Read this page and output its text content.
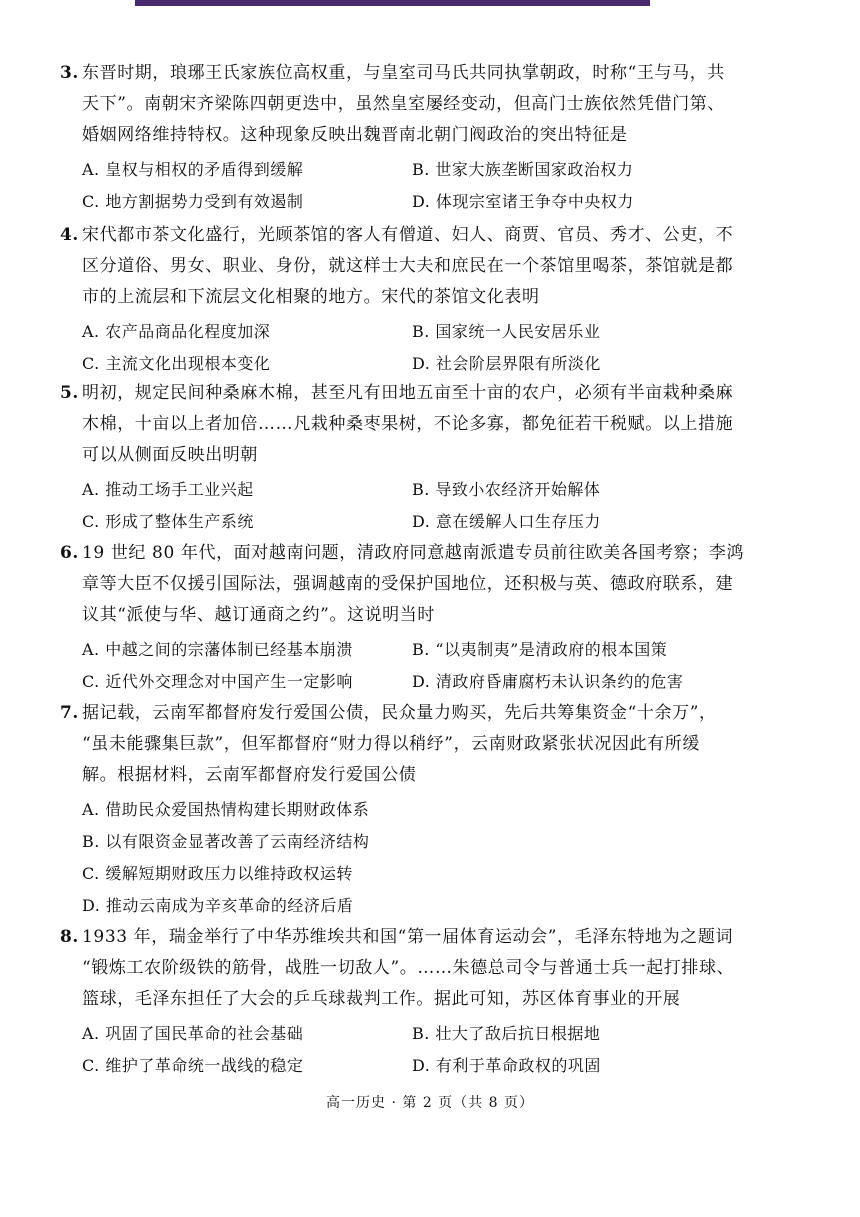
3. 东晋时期，琅琊王氏家族位高权重，与皇室司马氏共同执掌朝政，时称“王与马，共
天下”。南朝宋齐梁陈四朝更迭中，虽然皇室屡经变动，但高门士族依然凭借门第、
婚姻网络维持特权。这种现象反映出魏晋南北朝门阀政治的突出特征是

A. 皇权与相权的矛盾得到缓解	B. 世家大族垄断国家政治权力
C. 地方割据势力受到有效遏制	D. 体现宗室诸王争夺中央权力

4. 宋代都市茶文化盛行，光顾茶馆的客人有僧道、妇人、商贾、官员、秀才、公吏，不
区分道俗、男女、职业、身份，就这样士大夫和庶民在一个茶馆里喝茶，茶馆就是都
市的上流层和下流层文化相聚的地方。宋代的茶馆文化表明

A. 农产品商品化程度加深	B. 国家统一人民安居乐业
C. 主流文化出现根本变化	D. 社会阶层界限有所淡化

5. 明初，规定民间种桑麻木棉，甚至凡有田地五亩至十亩的农户，必须有半亩栽种桑麻
木棉，十亩以上者加倍……凡栽种桑枣果树，不论多寡，都免征若干税赋。以上措施
可以从侧面反映出明朝

A. 推动工场手工业兴起	B. 导致小农经济开始解体
C. 形成了整体生产系统	D. 意在缓解人口生存压力

6. 19 世纪 80 年代，面对越南问题，清政府同意越南派遣专员前往欧美各国考察；李鸿
章等大臣不仅援引国际法，强调越南的受保护国地位，还积极与英、德政府联系，建
议其“派使与华、越订通商之约”。这说明当时

A. 中越之间的宗藩体制已经基本崩溃	B. “以夷制夷”是清政府的根本国策
C. 近代外交理念对中国产生一定影响	D. 清政府昏庸腐朽未认识条约的危害

7. 据记载，云南军都督府发行爱国公债，民众量力购买，先后共筹集资金“十余万”，
“虽未能骤集巨款”，但军都督府“财力得以稍纾”，云南财政紧张状况因此有所缓
解。根据材料，云南军都督府发行爱国公债

A. 借助民众爱国热情构建长期财政体系
B. 以有限资金显著改善了云南经济结构
C. 缓解短期财政压力以维持政权运转
D. 推动云南成为辛亥革命的经济后盾

8. 1933 年，瑞金举行了中华苏维埃共和国“第一届体育运动会”，毛泽东特地为之题词
“锻炼工农阶级铁的筋骨，战胜一切敌人”。……朱德总司令与普通士兵一起打排球、
篮球，毛泽东担任了大会的乒乓球裁判工作。据此可知，苏区体育事业的开展

A. 巩固了国民革命的社会基础	B. 壮大了敌后抗日根据地
C. 维护了革命统一战线的稳定	D. 有利于革命政权的巩固
高一历史 · 第 2 页（共 8 页）
